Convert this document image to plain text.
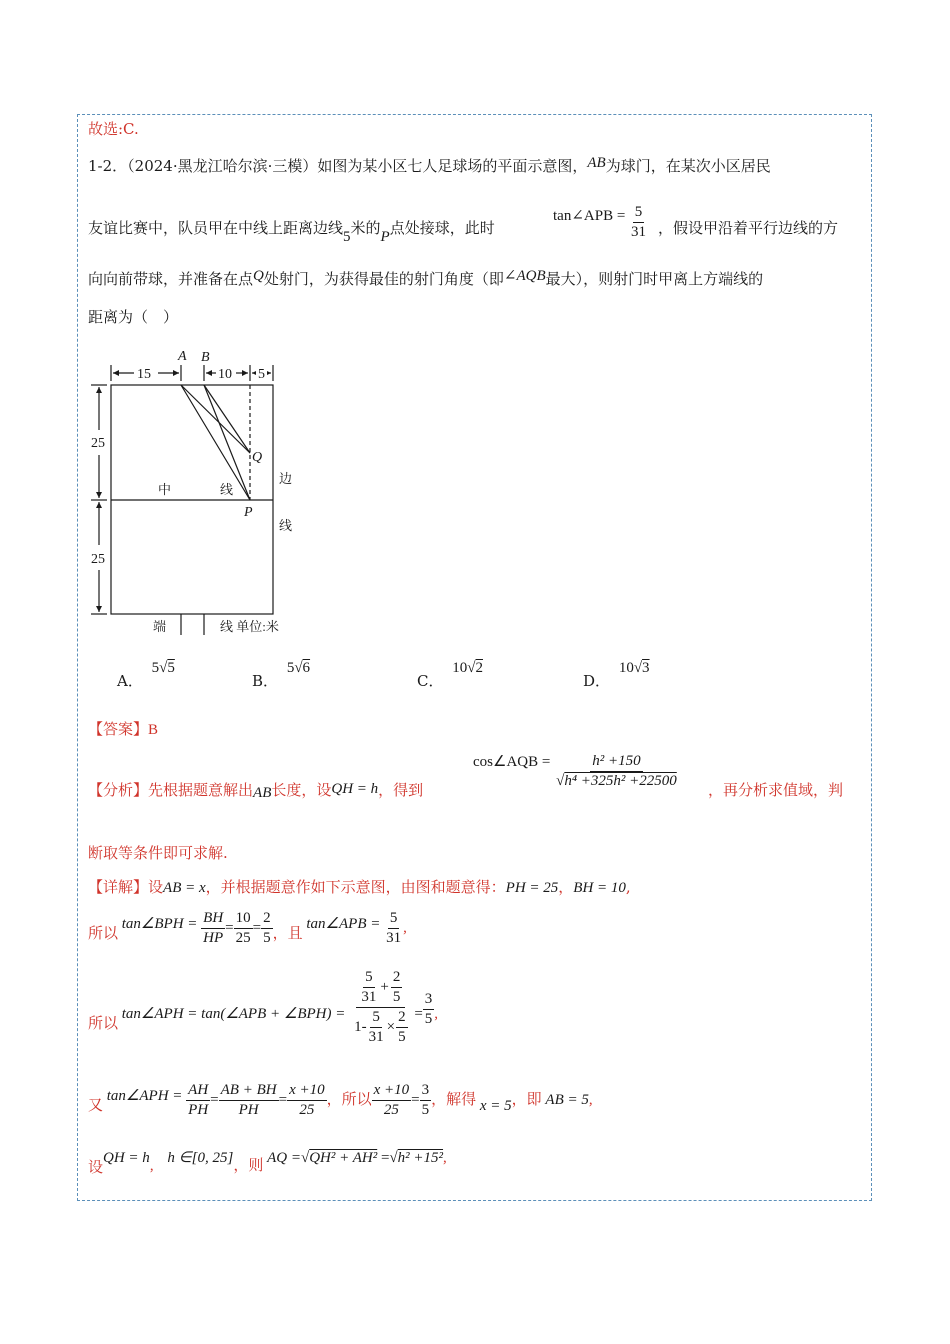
故选:C.
1-2．（2024·黑龙江哈尔滨·三模）如图为某小区七人足球场的平面示意图，AB为球门，在某次小区居民
友谊比赛中，队员甲在中线上距离边线5米的P点处接球，此时
tan∠APB = $\frac{5}{31}$ ，假设甲沿着平行边线的方
向向前带球，并准备在点Q处射门，为获得最佳的射门角度（即∠AQB最大），则射门时甲离上方端线的
距离为（　）
15	10 5
25
25
A B
Q
P
中	线
边
线
端	线 单位:米
A． 5√5
B． 5√6
C． 10√2
D． 10√3
【答案】B
【分析】先根据题意解出AB长度，设QH = h，得到
cos∠AQB = $\frac{\text{h² +150}}{\text{√h⁴ +325h² +22500}}$ ，再分析求值域，判
断取等条件即可求解.
【详解】设AB = x，并根据题意作如下示意图，由图和题意得：PH = 25，BH = 10,
所以 tan∠BPH = $\frac{BH}{HP} = \frac{10}{25} = \frac{2}{5}$ ，且 tan∠APB = $\frac{5}{31}$ ,
所以 tan∠APH = tan(∠APB + ∠BPH) = $\frac{\frac{5}{31} + \frac{2}{5}}{1- \frac{5}{31} \times \frac{2}{5}} = \frac{3}{5}$ ,
又 tan∠APH = $\frac{AH}{PH} = \frac{AB + BH}{PH} = \frac{x +10}{25}$ ，所以 $\frac{x +10}{25} = \frac{3}{5}$ ，解得 x = 5，即 AB = 5,
设QH = h, h ∈[0, 25]，则 AQ =√QH² + AH² =√h² +15²,
